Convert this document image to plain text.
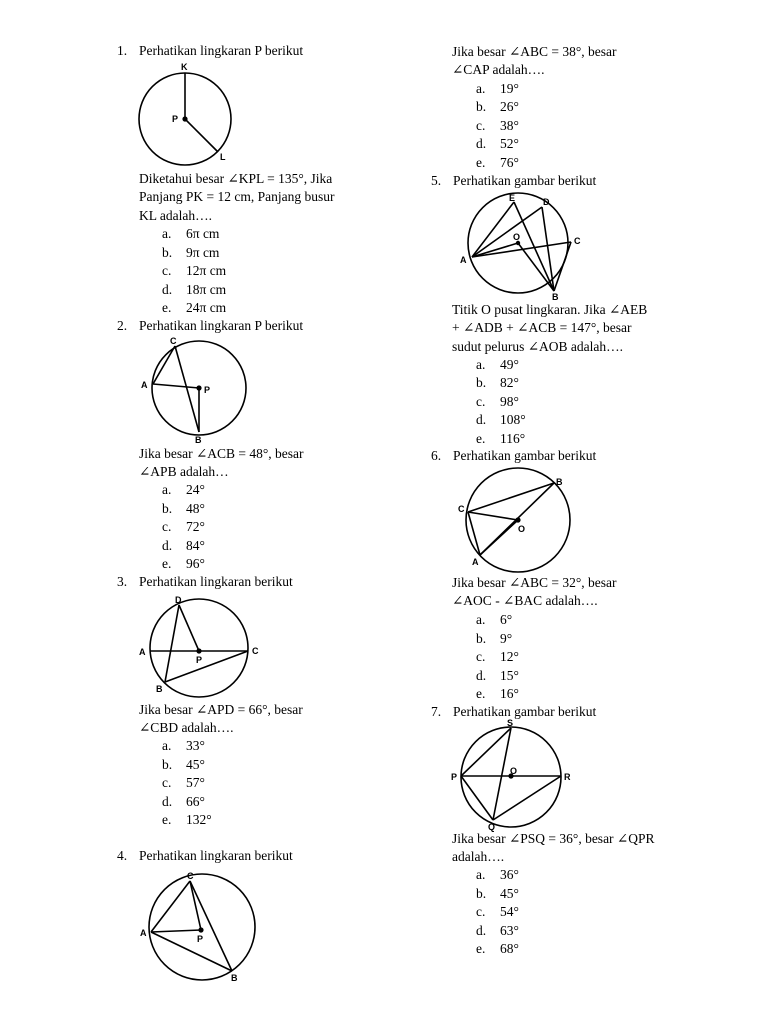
1. Perhatikan lingkaran P berikut
K
P
L
Diketahui besar ∠KPL = 135°, Jika
Panjang PK = 12 cm, Panjang busur
KL adalah….
a. 6π cm
b. 9π cm
c. 12π cm
d. 18π cm
e. 24π cm
2. Perhatikan lingkaran P berikut
C
A	P
B
Jika besar ∠ACB = 48°, besar
∠APB adalah…
a. 24°
b. 48°
c. 72°
d. 84°
e. 96°
3. Perhatikan lingkaran berikut
D
A
P
C
B
Jika besar ∠APD = 66°, besar
∠CBD adalah….
a. 33°
b. 45°
c. 57°
d. 66°
e. 132°
4. Perhatikan lingkaran berikut
C
A
P
B
Jika besar ∠ABC = 38°, besar
∠CAP adalah….
a. 19°
b. 26°
c. 38°
d. 52°
e. 76°
5. Perhatikan gambar berikut
E	D
O	C
A
B
Titik O pusat lingkaran. Jika ∠AEB
+ ∠ADB + ∠ACB = 147°, besar
sudut pelurus ∠AOB adalah….
a. 49°
b. 82°
c. 98°
d. 108°
e. 116°
6. Perhatikan gambar berikut
B
C
O
A
Jika besar ∠ABC = 32°, besar
∠AOC - ∠BAC adalah….
a. 6°
b. 9°
c. 12°
d. 15°
e. 16°
7. Perhatikan gambar berikut
S
O
P	R
Q
Jika besar ∠PSQ = 36°, besar ∠QPR
adalah….
a. 36°
b. 45°
c. 54°
d. 63°
e. 68°
